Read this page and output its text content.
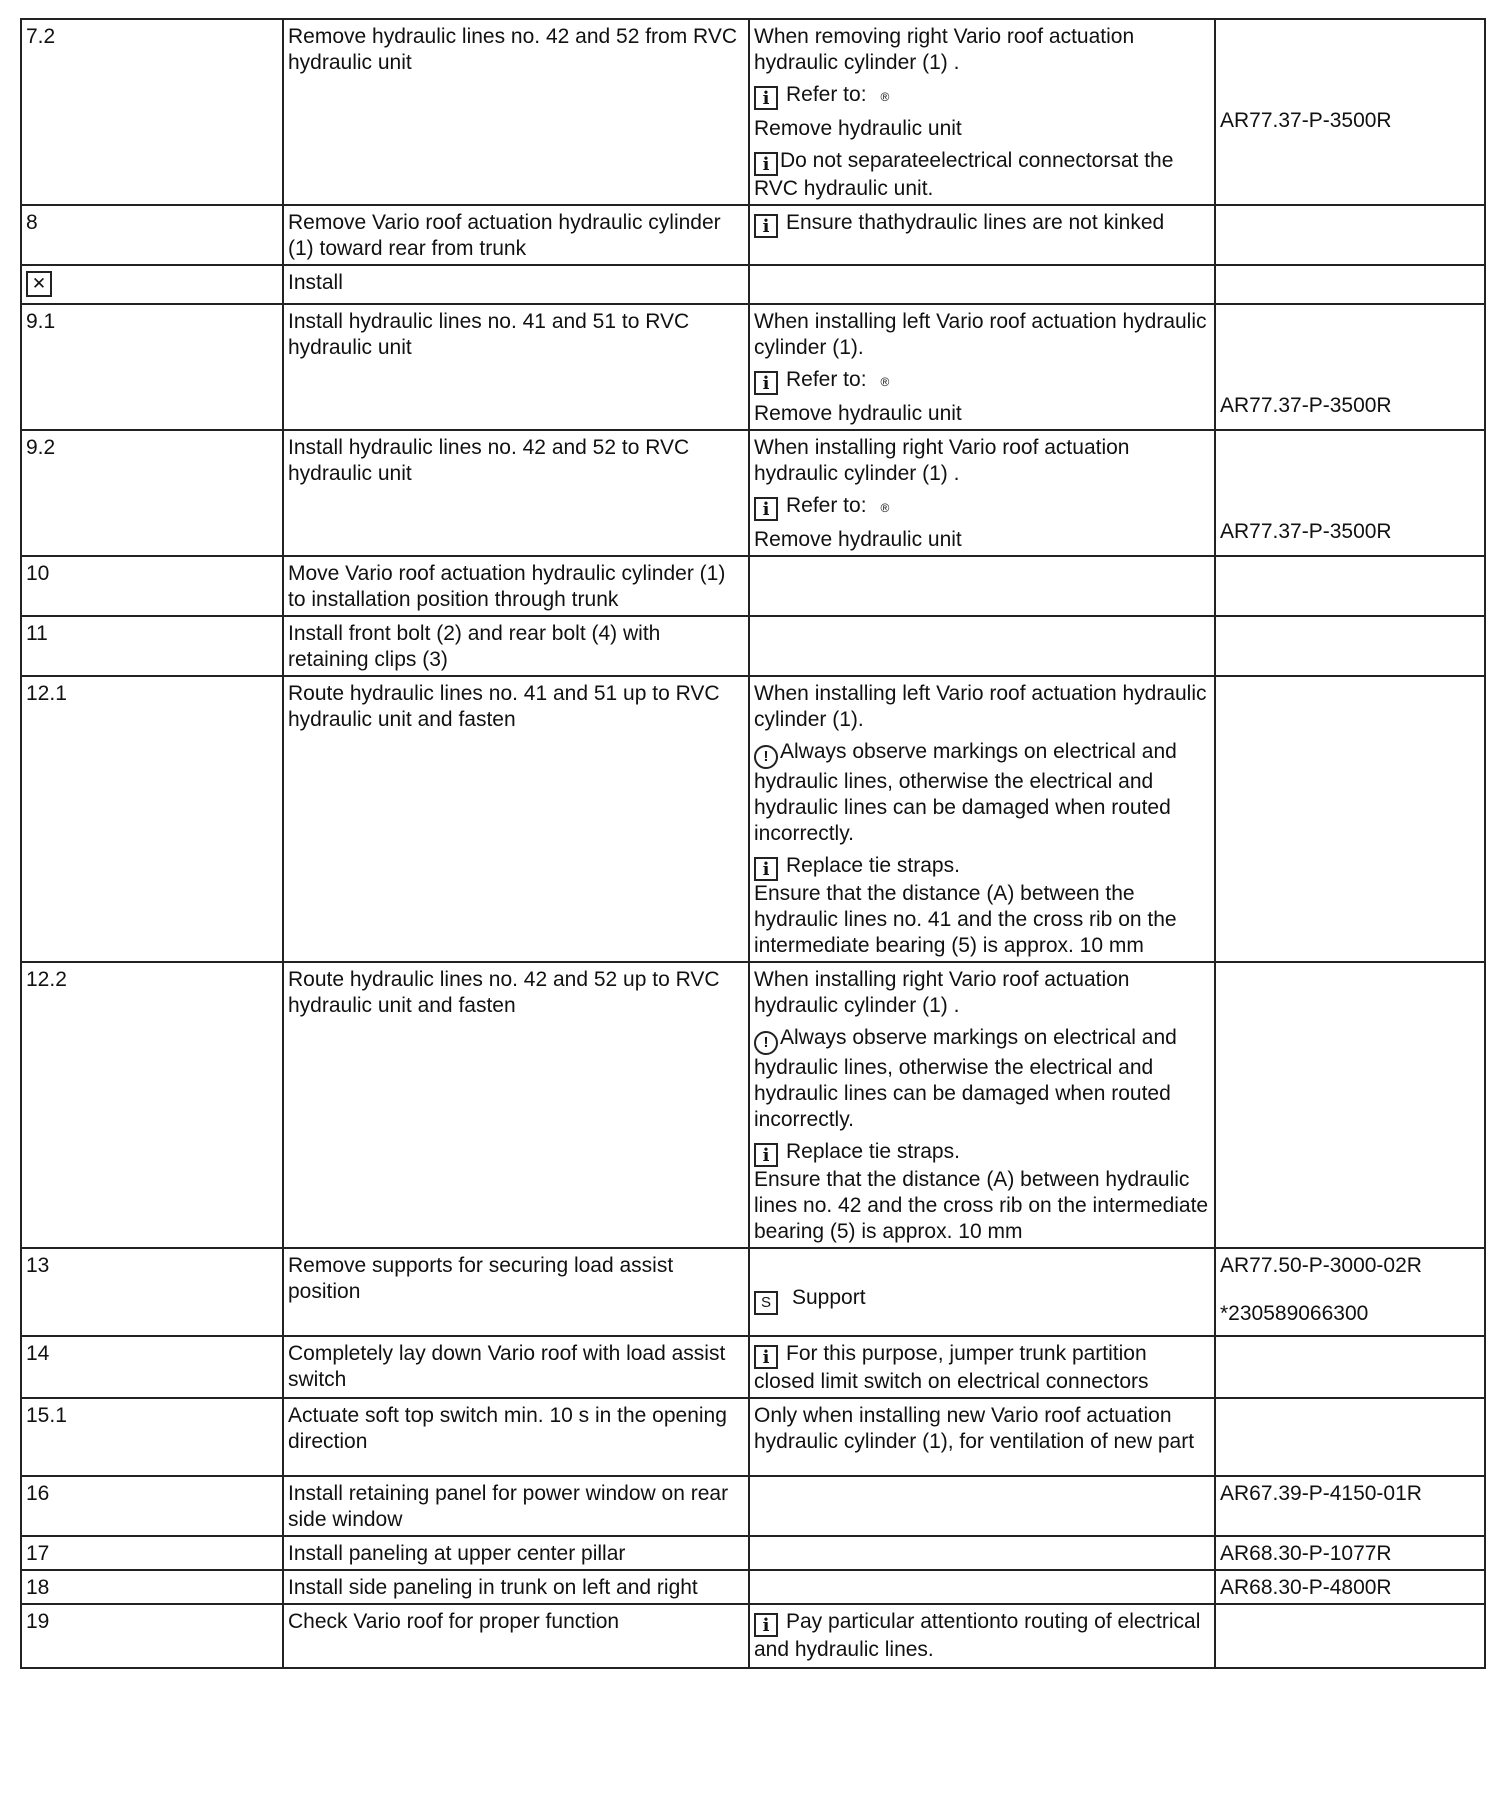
7.2	Remove hydraulic lines no. 42 and 52 from RVC hydraulic unit	When removing right Vario roof actuation hydraulic cylinder (1) .
i Refer to: ®
Remove hydraulic unit
i Do not separateelectrical connectorsat the RVC hydraulic unit.	AR77.37-P-3500R

8	Remove Vario roof actuation hydraulic cylinder (1) toward rear from trunk	i Ensure thathydraulic lines are not kinked	

✕	Install		
9.1	Install hydraulic lines no. 41 and 51 to RVC hydraulic unit	When installing left Vario roof actuation hydraulic cylinder (1).
i Refer to: ®
Remove hydraulic unit	AR77.37-P-3500R

9.2	Install hydraulic lines no. 42 and 52 to RVC hydraulic unit	When installing right Vario roof actuation hydraulic cylinder (1) .
i Refer to: ®
Remove hydraulic unit	AR77.37-P-3500R

10	Move Vario roof actuation hydraulic cylinder (1) to installation position through trunk		
11	Install front bolt (2) and rear bolt (4) with retaining clips (3)		
12.1	Route hydraulic lines no. 41 and 51 up to RVC hydraulic unit and fasten	When installing left Vario roof actuation hydraulic cylinder (1).
! Always observe markings on electrical and hydraulic lines, otherwise the electrical and hydraulic lines can be damaged when routed incorrectly.
i Replace tie straps.
Ensure that the distance (A) between the hydraulic lines no. 41 and the cross rib on the intermediate bearing (5) is approx. 10 mm	

12.2	Route hydraulic lines no. 42 and 52 up to RVC hydraulic unit and fasten	When installing right Vario roof actuation hydraulic cylinder (1) .
! Always observe markings on electrical and hydraulic lines, otherwise the electrical and hydraulic lines can be damaged when routed incorrectly.
i Replace tie straps.
Ensure that the distance (A) between hydraulic lines no. 42 and the cross rib on the intermediate bearing (5) is approx. 10 mm	

13	Remove supports for securing load assist position	S Support	AR77.50-P-3000-02R
*230589066300

14	Completely lay down Vario roof with load assist switch	i For this purpose, jumper trunk partition closed limit switch on electrical connectors	

15.1	Actuate soft top switch min. 10 s in the opening direction	Only when installing new Vario roof actuation hydraulic cylinder (1), for ventilation of new part	

16	Install retaining panel for power window on rear side window		AR67.39-P-4150-01R

17	Install paneling at upper center pillar		AR68.30-P-1077R

18	Install side paneling in trunk on left and right		AR68.30-P-4800R

19	Check Vario roof for proper function	i Pay particular attentionto routing of electrical and hydraulic lines.	
